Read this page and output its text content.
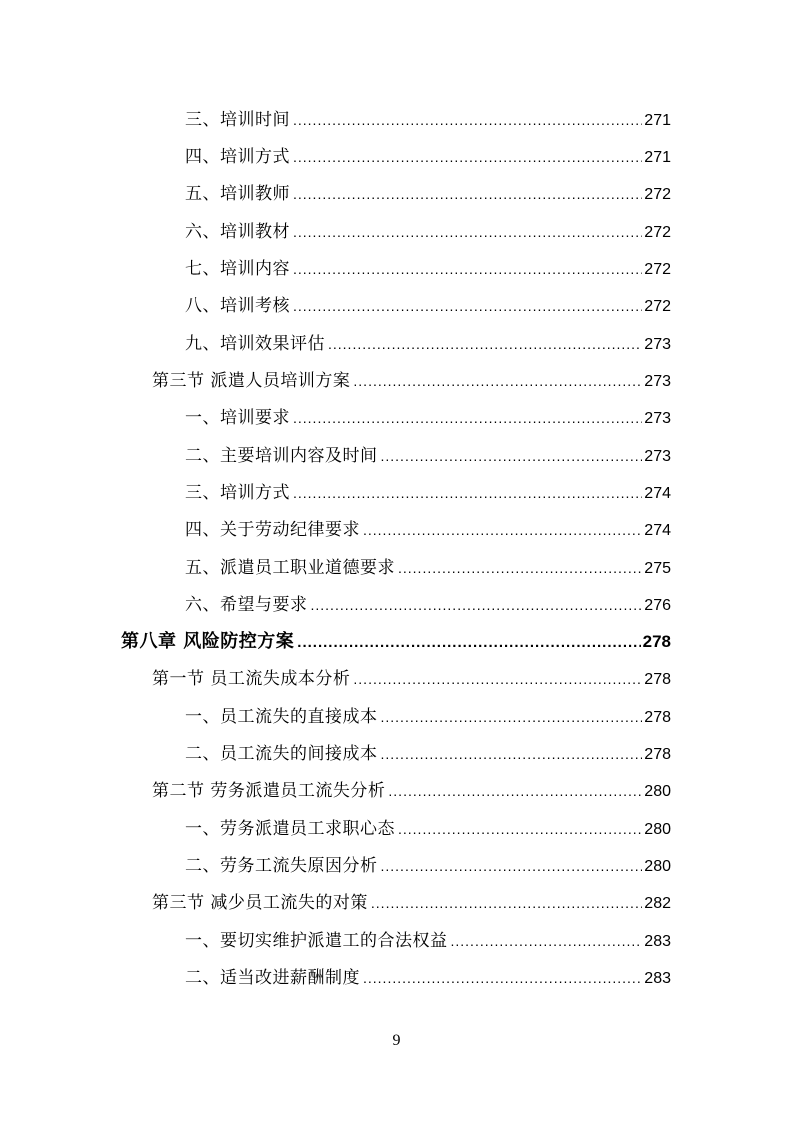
三、培训时间 .....	271
四、培训方式 .....	271
五、培训教师 .....	272
六、培训教材 .....	272
七、培训内容 .....	272
八、培训考核 .....	272
九、培训效果评估 .....	273
第三节 派遣人员培训方案 .....	273
一、培训要求 .....	273
二、主要培训内容及时间 .....	273
三、培训方式 .....	274
四、关于劳动纪律要求 .....	274
五、派遣员工职业道德要求 .....	275
六、希望与要求 .....	276
第八章 风险防控方案 .....	278
第一节 员工流失成本分析 .....	278
一、员工流失的直接成本 .....	278
二、员工流失的间接成本 .....	278
第二节 劳务派遣员工流失分析 .....	280
一、劳务派遣员工求职心态 .....	280
二、劳务工流失原因分析 .....	280
第三节 减少员工流失的对策 .....	282
一、要切实维护派遣工的合法权益 .....	283
二、适当改进薪酬制度 .....	283
9
